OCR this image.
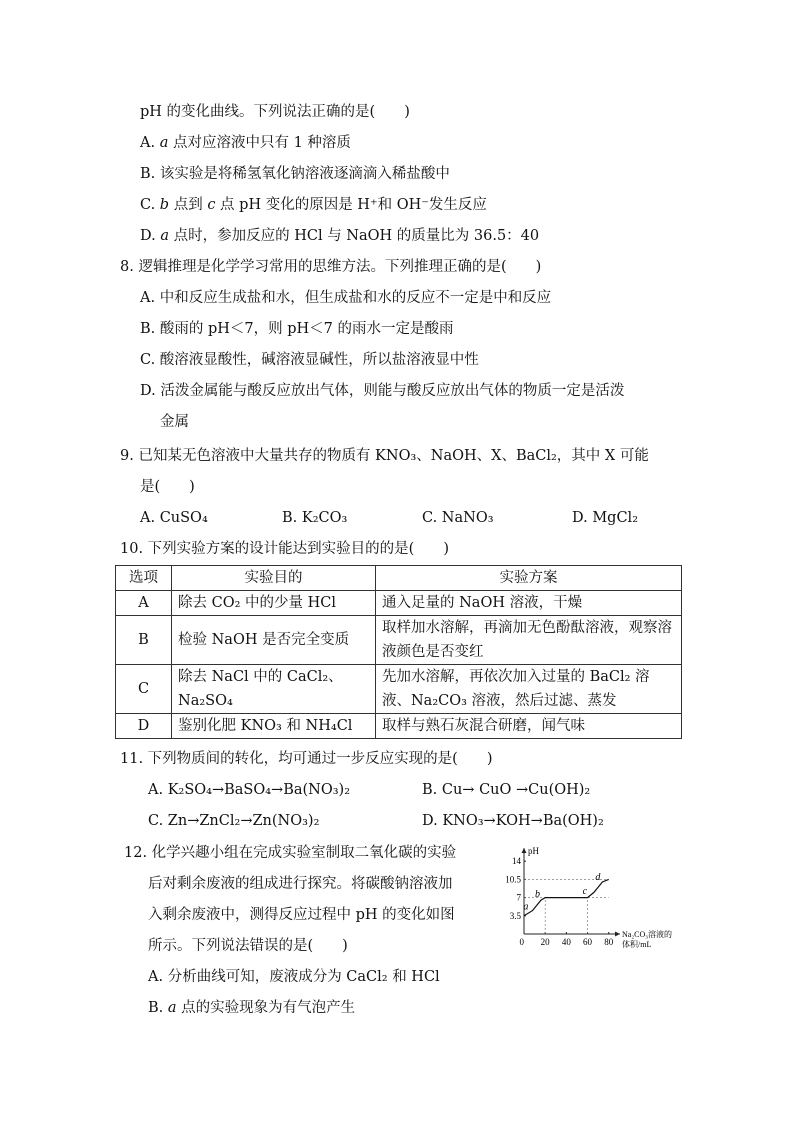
pH 的变化曲线。下列说法正确的是(　　)
A. a 点对应溶液中只有 1 种溶质
B. 该实验是将稀氢氧化钠溶液逐滴滴入稀盐酸中
C. b 点到 c 点 pH 变化的原因是 H⁺和 OH⁻发生反应
D. a 点时，参加反应的 HCl 与 NaOH 的质量比为 36.5：40
8. 逻辑推理是化学学习常用的思维方法。下列推理正确的是(　　)
A. 中和反应生成盐和水，但生成盐和水的反应不一定是中和反应
B. 酸雨的 pH＜7，则 pH＜7 的雨水一定是酸雨
C. 酸溶液显酸性，碱溶液显碱性，所以盐溶液显中性
D. 活泼金属能与酸反应放出气体，则能与酸反应放出气体的物质一定是活泼
金属
9. 已知某无色溶液中大量共存的物质有 KNO₃、NaOH、X、BaCl₂，其中 X 可能
是(　　)
A. CuSO₄	B. K₂CO₃	C. NaNO₃	D. MgCl₂
10. 下列实验方案的设计能达到实验目的的是(　　)
选项	实验目的	实验方案
A	除去 CO₂ 中的少量 HCl	通入足量的 NaOH 溶液，干燥
B	检验 NaOH 是否完全变质	取样加水溶解，再滴加无色酚酞溶液，观察溶液颜色是否变红
C	除去 NaCl 中的 CaCl₂、Na₂SO₄	先加水溶解，再依次加入过量的 BaCl₂ 溶液、Na₂CO₃ 溶液，然后过滤、蒸发
D	鉴别化肥 KNO₃ 和 NH₄Cl	取样与熟石灰混合研磨，闻气味
11. 下列物质间的转化，均可通过一步反应实现的是(　　)
A. K₂SO₄→BaSO₄→Ba(NO₃)₂	B. Cu→ CuO →Cu(OH)₂
C. Zn→ZnCl₂→Zn(NO₃)₂	D. KNO₃→KOH→Ba(OH)₂
12. 化学兴趣小组在完成实验室制取二氧化碳的实验
后对剩余废液的组成进行探究。将碳酸钠溶液加
入剩余废液中，测得反应过程中 pH 的变化如图
所示。下列说法错误的是(　　)
A. 分析曲线可知，废液成分为 CaCl₂ 和 HCl
B. a 点的实验现象为有气泡产生
pH
0 20 40 60 80
3.5
7
10.5
14
Na₂CO₃溶液的
体积/mL
a
b	c
d
